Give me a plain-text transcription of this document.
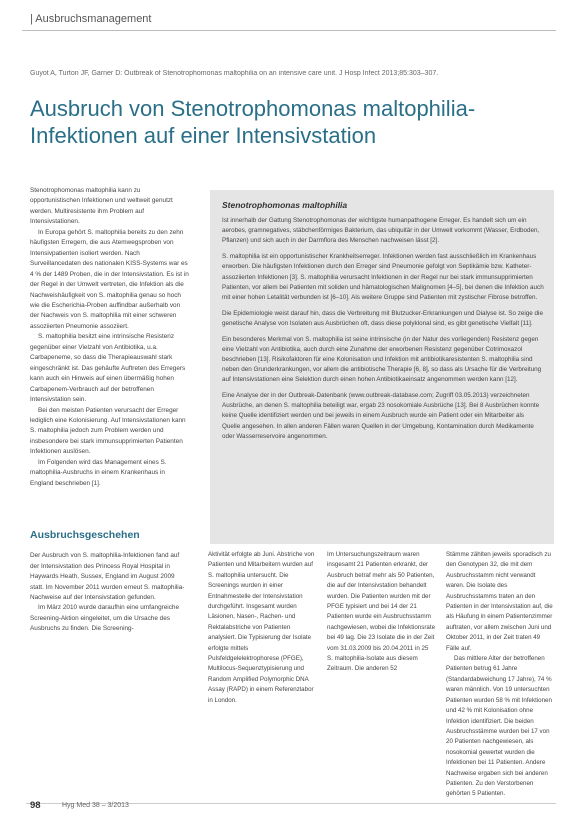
| Ausbruchsmanagement
Guyot A, Turton JF, Garner D: Outbreak of Stenotrophomonas maltophilia on an intensive care unit. J Hosp Infect 2013;85:303–307.
Ausbruch von Stenotrophomonas maltophilia-
Infektionen auf einer Intensivstation

Stenotrophomonas maltophilia kann zu opportunistischen Infektionen und weltweit genutzt werden. Multiresistente ihm Problem auf Intensivstationen.

In Europa gehört S. maltophilia bereits zu den zehn häufigsten Erregern, die aus Atemwegsproben von Intensivpatienten isoliert werden. Nach Surveillancedaten des nationalen KISS-Systems war es 4 % der 1489 Proben, die in der Intensivstation. Es ist in der Regel in der Umwelt vertreten, die Infektion als die Nachweishäufigkeit von S. maltophilia genau so hoch wie die Escherichia-Proben auffindbar außerhalb von der Nachweis von S. maltophilia mit einer schweren assoziierten Pneumonie assoziiert.

S. maltophilia besitzt eine intrinsische Resistenz gegenüber einer Vielzahl von Antibiotika, u.a. Carbapeneme, so dass die Therapieauswahl stark eingeschränkt ist. Das gehäufte Auftreten des Erregers kann auch ein Hinweis auf einen übermäßig hohen Carbapenem-Verbrauch auf der betroffenen Intensivstation sein.

Bei den meisten Patienten verursacht der Erreger lediglich eine Kolonisierung. Auf Intensivstationen kann S. maltophilia jedoch zum Problem werden und insbesondere bei stark immunsupprimierten Patienten Infektionen auslösen.

Im Folgenden wird das Management eines S. maltophilia-Ausbruchs in einem Krankenhaus in England beschrieben [1].

Ausbruchsgeschehen

Der Ausbruch von S. maltophilia-Infektionen fand auf der Intensivstation des Princess Royal Hospital in Haywards Heath, Sussex, England im August 2009 statt. Im November 2011 wurden erneut S. maltophilia-Nachweise auf der Intensivstation gefunden.

Im März 2010 wurde daraufhin eine umfangreiche Screening-Aktion eingeleitet, um die Ursache des Ausbruchs zu finden. Die Screening-

Stenotrophomonas maltophilia

Ist innerhalb der Gattung Stenotrophomonas der wichtigste humanpathogene Erreger. Es handelt sich um ein aerobes, gramnegatives, stäbchenförmiges Bakterium, das ubiquitär in der Umwelt vorkommt (Wasser, Erdboden, Pflanzen) und sich auch in der Darmflora des Menschen nachweisen lässt [2].

S. maltophilia ist ein opportunistischer Krankheitserreger. Infektionen werden fast ausschließlich im Krankenhaus erworben. Die häufigsten Infektionen durch den Erreger sind Pneumonie gefolgt von Septikämie bzw. Katheter-assoziierten Infektionen [3]. S. maltophilia verursacht Infektionen in der Regel nur bei stark immunsupprimierten Patienten, vor allem bei Patienten mit soliden und hämatologischen Malignomen [4–5], bei denen die Infektion auch mit einer hohen Letalität verbunden ist [6–10]. Als weitere Gruppe sind Patienten mit zystischer Fibrose betroffen.

Die Epidemiologie weist darauf hin, dass die Verbreitung mit Blutzucker-Erkrankungen und Dialyse ist. So zeige die genetische Analyse von Isolaten aus Ausbrüchen oft, dass diese polyklonal sind, es gibt genetische Vielfalt [11].

Ein besonderes Merkmal von S. maltophilia ist seine intrinsische (in der Natur des vorliegenden) Resistenz gegen eine Vielzahl von Antibiotika, auch durch eine Zunahme der erworbenen Resistenz gegenüber Cotrimoxazol beschrieben [13]. Risikofaktoren für eine Kolonisation und Infektion mit antibiotikaresistenten S. maltophilia sind neben den Grunderkrankungen, vor allem die antibiotische Therapie [6, 8], so dass als Ursache für die Verbreitung auf Intensivstationen eine Selektion durch einen hohen Antibiotikaeinsatz angenommen werden kann [12].

Eine Analyse der in der Outbreak-Datenbank (www.outbreak-database.com; Zugriff 03.05.2013) verzeichneten Ausbrüche, an denen S. maltophilia beteiligt war, ergab 23 nosokomiale Ausbrüche [13]. Bei 8 Ausbrüchen konnte keine Quelle identifiziert werden und bei jeweils in einem Ausbruch wurde ein Patient oder ein Mitarbeiter als Quelle angesehen. In allen anderen Fällen waren Quellen in der Umgebung, Kontamination durch Medikamente oder Wasserreservoire angenommen.

Aktivität erfolgte ab Juni. Abstriche von Patienten und Mitarbeitern wurden auf S. maltophilia untersucht. Die Screenings wurden in einer Entnahmestelle der Intensivstation durchgeführt. Insgesamt wurden Läsionen, Nasen-, Rachen- und Rektalabstriche von Patienten analysiert. Die Typisierung der Isolate erfolgte mittels Pulsfeldgelelektrophorese (PFGE), Multilocus-Sequenztypisierung und Random Amplified Polymorphic DNA Assay (RAPD) in einem Referenzlabor in London.

Im Untersuchungszeitraum waren insgesamt 21 Patienten erkrankt, der Ausbruch betraf mehr als 50 Patienten, die auf der Intensivstation behandelt wurden. Die Patienten wurden mit der PFGE typisiert und bei 14 der 21 Patienten wurde ein Ausbruchsstamm nachgewiesen, wobei die Infektionsrate bei 49 lag. Die 23 Isolate die in der Zeit vom 31.03.2009 bis 20.04.2011 in 25 S. maltophilia-Isolate aus diesem Zeitraum. Die anderen 52

Stämme zählten jeweils sporadisch zu den Genotypen 32, die mit dem Ausbruchsstamm nicht verwandt waren. Die Isolate des Ausbruchsstamms traten an den Patienten in der Intensivstation auf, die als Häufung in einem Patientenzimmer auftraten, vor allem zwischen Juni und Oktober 2011, in der Zeit traten 49 Fälle auf.

Das mittlere Alter der betroffenen Patienten betrug 61 Jahre (Standardabweichung 17 Jahre), 74 % waren männlich. Von 19 untersuchten Patienten wurden 58 % mit Infektionen und 42 % mit Kolonisation ohne Infektion identifiziert. Die beiden Ausbruchsstämme wurden bei 17 von 20 Patienten nachgewiesen, als nosokomial gewertet wurden die Infektionen bei 11 Patienten. Andere Nachweise ergaben sich bei anderen Patienten. Zu den Verstorbenen gehörten 5 Patienten.

98	Hyg Med 38 – 3/2013
